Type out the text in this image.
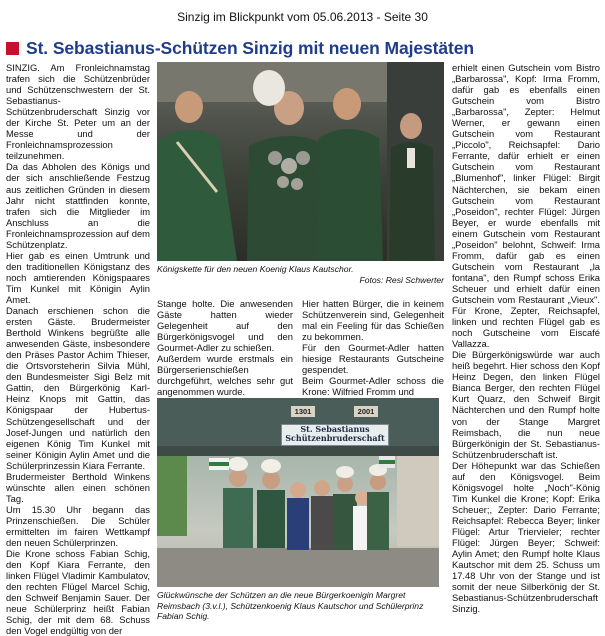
Sinzig im Blickpunkt vom 05.06.2013 - Seite 30
St. Sebastianus-Schützen Sinzig mit neuen Majestäten

SINZIG. Am Fronleichnamstag trafen sich die Schützenbrüder und Schützenschwestern der St. Sebastianus-Schützenbruderschaft Sinzig vor der Kirche St. Peter um an der Messe und der Fronleichnamsprozession teilzunehmen.

Da das Abholen des Königs und der sich anschließende Festzug aus zeitlichen Gründen in diesem Jahr nicht stattfinden konnte, trafen sich die Mitglieder im Anschluss an die Fronleichnamsprozession auf dem Schützenplatz.

Hier gab es einen Umtrunk und den traditionellen Königstanz des noch amtierenden Königspaares Tim Kunkel mit Königin Aylin Amet.

Danach erschienen schon die ersten Gäste. Brudermeister Berthold Winkens begrüßte alle anwesenden Gäste, insbesondere den Präses Pastor Achim Thieser, die Ortsvorsteherin Silvia Mühl, den Bundesmeister Sigi Belz mit Gattin, den Bürgerkönig Karl-Heinz Knops mit Gattin, das Königspaar der Hubertus-Schützengesellschaft und der Josef-Jungen und natürlich den eigenen König Tim Kunkel mit seiner Königin Aylin Amet und die Schülerprinzessin Kiara Ferrante.

Brudermeister Berthold Winkens wünschte allen einen schönen Tag.

Um 15.30 Uhr begann das Prinzenschießen. Die Schüler ermittelten im fairen Wettkampf den neuen Schülerprinzen.

Die Krone schoss Fabian Schig, den Kopf Kiara Ferrante, den linken Flügel Vladimir Kambulatov, den rechten Flügel Marcel Schig, den Schweif Benjamin Sauer. Der neue Schülerprinz heißt Fabian Schig, der mit dem 68. Schuss den Vogel endgültig von der

Königskette für den neuen Koenig Klaus Kautschor.
Fotos: Resi Schwerter

Stange holte. Die anwesenden Gäste hatten wieder Gelegenheit auf den Bürgerkönigsvogel und den Gourmet-Adler zu schießen.

Außerdem wurde erstmals ein Bürgerserienschießen durchgeführt, welches sehr gut angenommen wurde.

Hier hatten Bürger, die in keinem Schützenverein sind, Gelegenheit mal ein Feeling für das Schießen zu bekommen.

Für den Gourmet-Adler hatten hiesige Restaurants Gutscheine gespendet.

Beim Gourmet-Adler schoss die Krone: Wilfried Fromm und

1301	2001
St. Sebastianus
Schützenbruderschaft
Glückwünsche der Schützen an die neue Bürgerkoenigin Margret Reimsbach (3.v.l.), Schützenkoenig Klaus Kautschor und Schülerprinz Fabian Schig.

erhielt einen Gutschein vom Bistro „Barbarossa", Kopf: Irma Fromm, dafür gab es ebenfalls einen Gutschein vom Bistro „Barbarossa", Zepter: Helmut Werner, er gewann einen Gutschein vom Restaurant „Piccolo", Reichsapfel: Dario Ferrante, dafür erhielt er einen Gutschein vom Restaurant „Blumenhof", linker Flügel: Birgit Nächterchen, sie bekam einen Gutschein vom Restaurant „Poseidon", rechter Flügel: Jürgen Beyer, er wurde ebenfalls mit einem Gutschein vom Restaurant „Poseidon" belohnt, Schweif: Irma Fromm, dafür gab es einen Gutschein vom Restaurant „la fontana", den Rumpf schoss Erika Scheuer und erhielt dafür einen Gutschein vom Restaurant „Vieux". Für Krone, Zepter, Reichsapfel, linken und rechten Flügel gab es noch Gutscheine vom Eiscafé Vallazza.

Die Bürgerkönigswürde war auch heiß begehrt. Hier schoss den Kopf Heinz Degen, den linken Flügel Bianca Berger, den rechten Flügel Kurt Quarz, den Schweif Birgit Nächterchen und den Rumpf holte von der Stange Margret Reimsbach, die nun neue Bürgerkönigin der St. Sebastianus-Schützenbruderschaft ist.

Der Höhepunkt war das Schießen auf den Königsvogel. Beim Königsvogel holte „Noch"-König Tim Kunkel die Krone; Kopf: Erika Scheuer;, Zepter: Dario Ferrante; Reichsapfel: Rebecca Beyer; linker Flügel: Artur Triervieler; rechter Flügel: Jürgen Beyer; Schweif: Aylin Amet; den Rumpf holte Klaus Kautschor mit dem 25. Schuss um 17.48 Uhr von der Stange und ist somit der neue Silberkönig der St. Sebastianus-Schützenbruderschaft Sinzig.
